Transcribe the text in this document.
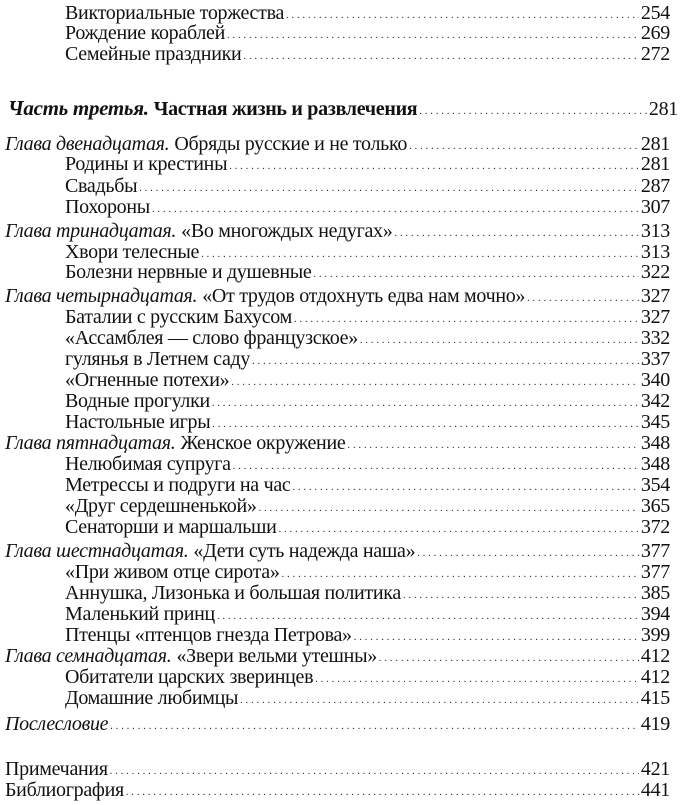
Викториальные торжества .....	254
Рождение кораблей .....	269
Семейные праздники .....	272
Часть третья. Частная жизнь и развлечения .....	281
Глава двенадцатая. Обряды русские и не только .....	281
Родины и крестины .....	281
Свадьбы .....	287
Похороны .....	307
Глава тринадцатая. «Во многождых недугах» .....	313
Хвори телесные .....	313
Болезни нервные и душевные .....	322
Глава четырнадцатая. «От трудов отдохнуть едва нам мочно» .....	327
Баталии с русским Бахусом .....	327
«Ассамблея — слово французское» .....	332
гулянья в Летнем саду .....	337
«Огненные потехи» .....	340
Водные прогулки .....	342
Настольные игры .....	345
Глава пятнадцатая. Женское окружение .....	348
Нелюбимая супруга .....	348
Метрессы и подруги на час .....	354
«Друг сердешненькой» .....	365
Сенаторши и маршальши .....	372
Глава шестнадцатая. «Дети суть надежда наша» .....	377
«При живом отце сирота» .....	377
Аннушка, Лизонька и большая политика .....	385
Маленький принц .....	394
Птенцы «птенцов гнезда Петрова» .....	399
Глава семнадцатая. «Звери вельми утешны» .....	412
Обитатели царских зверинцев .....	412
Домашние любимцы .....	415
Послесловие .....	419
Примечания .....	421
Библиография .....	441
